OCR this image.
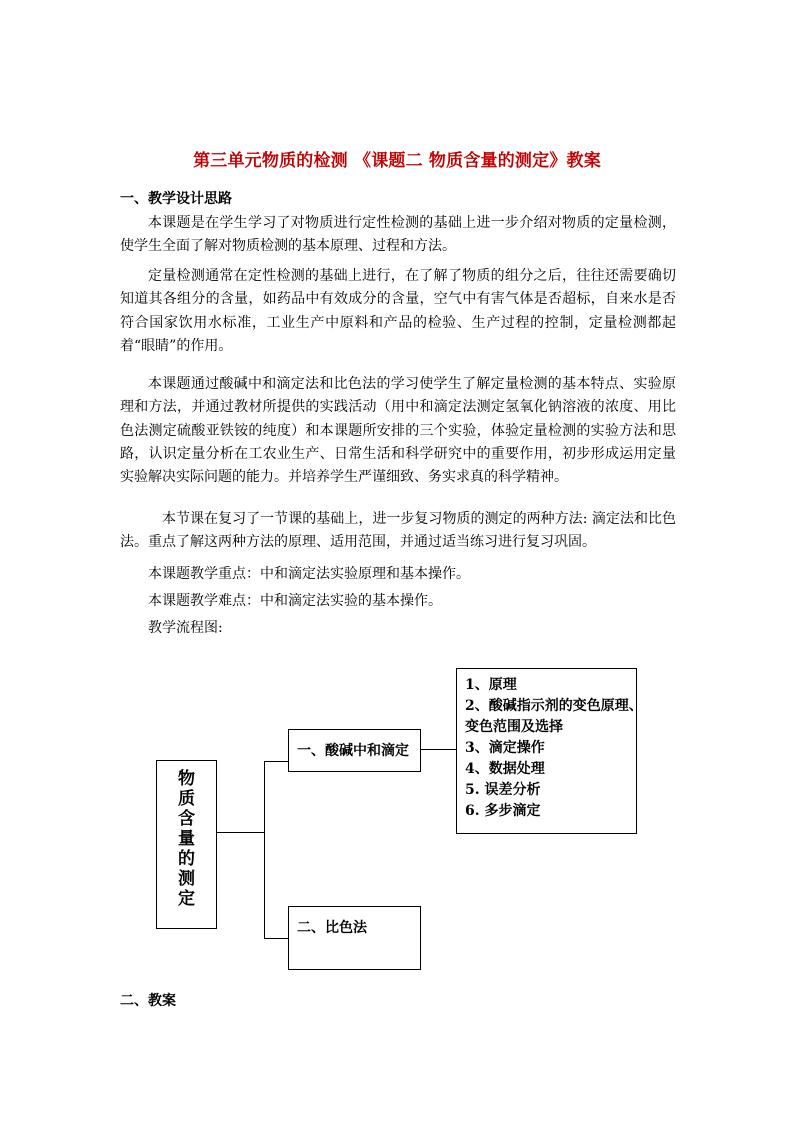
第三单元物质的检测 《课题二 物质含量的测定》教案
一、教学设计思路
本课题是在学生学习了对物质进行定性检测的基础上进一步介绍对物质的定量检测，使学生全面了解对物质检测的基本原理、过程和方法。
定量检测通常在定性检测的基础上进行，在了解了物质的组分之后，往往还需要确切知道其各组分的含量，如药品中有效成分的含量，空气中有害气体是否超标，自来水是否符合国家饮用水标准，工业生产中原料和产品的检验、生产过程的控制，定量检测都起着“眼睛”的作用。
本课题通过酸碱中和滴定法和比色法的学习使学生了解定量检测的基本特点、实验原理和方法，并通过教材所提供的实践活动（用中和滴定法测定氢氧化钠溶液的浓度、用比色法测定硫酸亚铁铵的纯度）和本课题所安排的三个实验，体验定量检测的实验方法和思路，认识定量分析在工农业生产、日常生活和科学研究中的重要作用，初步形成运用定量实验解决实际问题的能力。并培养学生严谨细致、务实求真的科学精神。
本节课在复习了一节课的基础上，进一步复习物质的测定的两种方法: 滴定法和比色法。重点了解这两种方法的原理、适用范围，并通过适当练习进行复习巩固。
本课题教学重点：中和滴定法实验原理和基本操作。
本课题教学难点：中和滴定法实验的基本操作。
教学流程图:
物
质
含
量
的
测
定
一、酸碱中和滴定
二、比色法
1、原理
2、酸碱指示剂的变色原理、
变色范围及选择
3、滴定操作
4、数据处理
5. 误差分析
6. 多步滴定
二、教案
